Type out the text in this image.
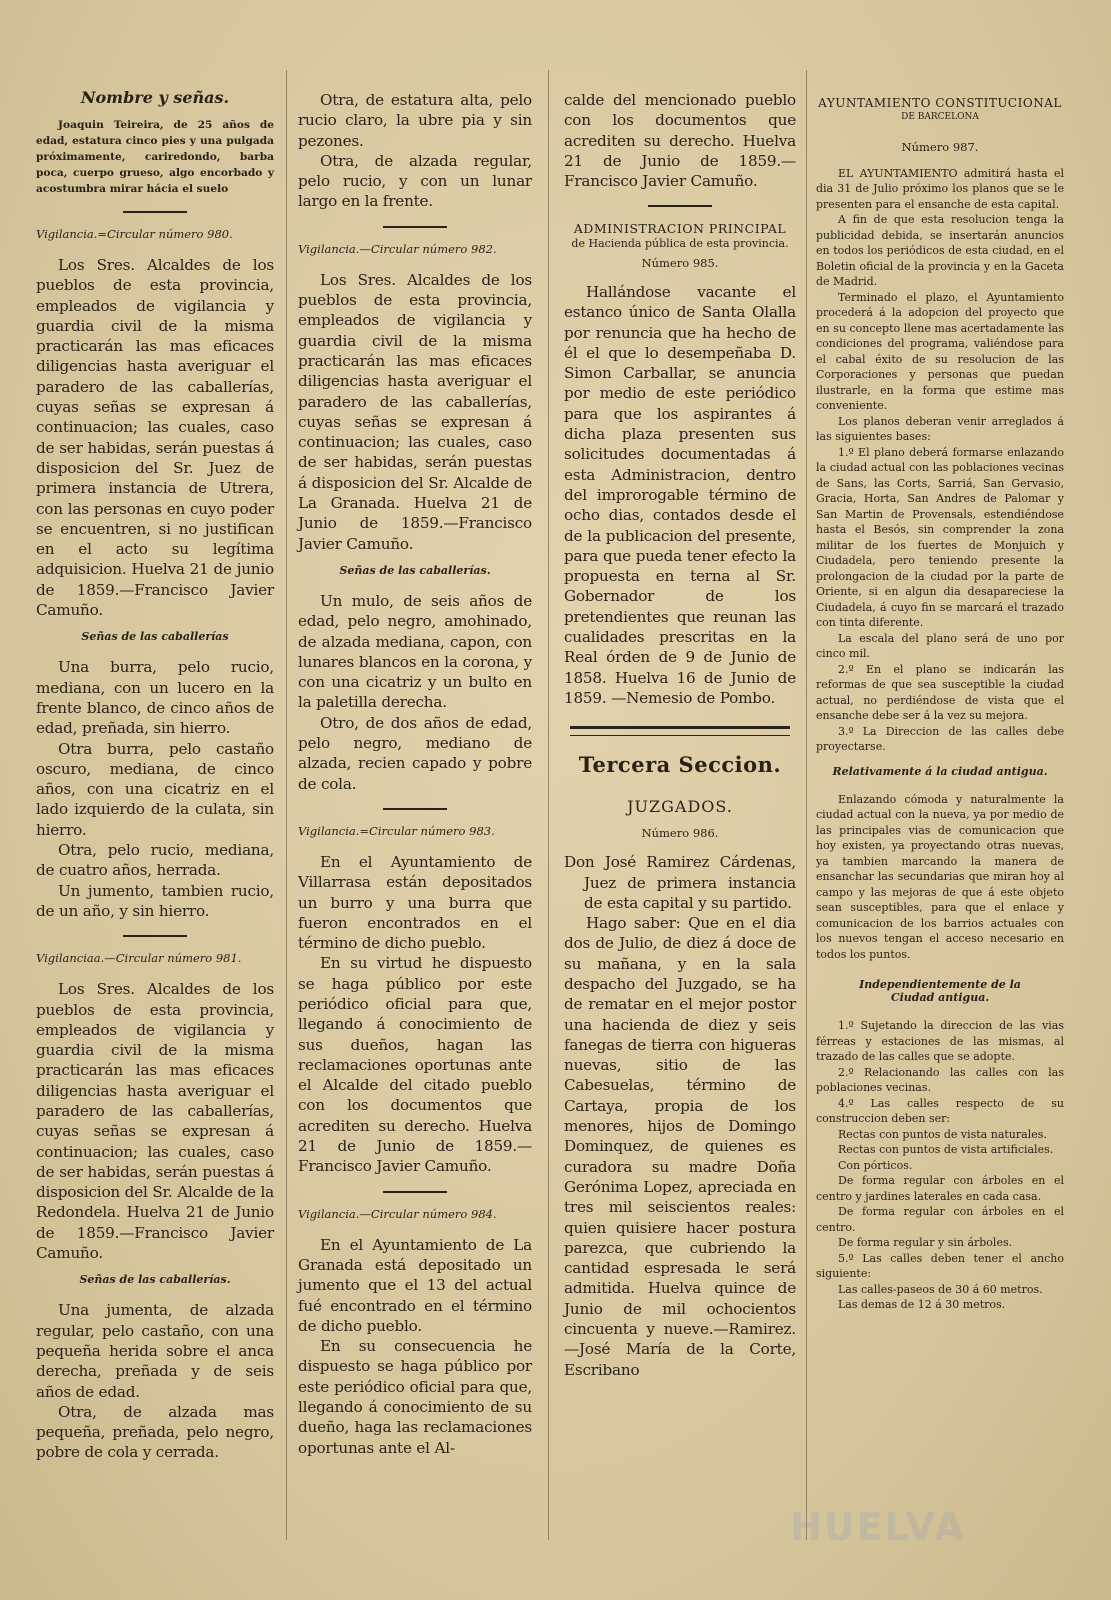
Nombre y señas.

Joaquin Teireira, de 25 años de edad, estatura cinco pies y una pulgada próximamente, cariredondo, barba poca, cuerpo grueso, algo encorbado y acostumbra mirar hácia el suelo

Vigilancia.=Circular número 980.

Los Sres. Alcaldes de los pueblos de esta provincia, empleados de vigilancia y guardia civil de la misma practicarán las mas eficaces diligencias hasta averiguar el paradero de las caballerías, cuyas señas se expresan á continuacion; las cuales, caso de ser habidas, serán puestas á disposicion del Sr. Juez de primera instancia de Utrera, con las personas en cuyo poder se encuentren, si no justifican en el acto su legítima adquisicion. Huelva 21 de junio de 1859.—Francisco Javier Camuño.

Señas de las caballerías

Una burra, pelo rucio, mediana, con un lucero en la frente blanco, de cinco años de edad, preñada, sin hierro.

Otra burra, pelo castaño oscuro, mediana, de cinco años, con una cicatriz en el lado izquierdo de la culata, sin hierro.

Otra, pelo rucio, mediana, de cuatro años, herrada.

Un jumento, tambien rucio, de un año, y sin hierro.

Vigilanciaa.—Circular número 981.

Los Sres. Alcaldes de los pueblos de esta provincia, empleados de vigilancia y guardia civil de la misma practicarán las mas eficaces diligencias hasta averiguar el paradero de las caballerías, cuyas señas se expresan á continuacion; las cuales, caso de ser habidas, serán puestas á disposicion del Sr. Alcalde de la Redondela. Huelva 21 de Junio de 1859.—Francisco Javier Camuño.

Señas de las caballerías.

Una jumenta, de alzada regular, pelo castaño, con una pequeña herida sobre el anca derecha, preñada y de seis años de edad.

Otra, de alzada mas pequeña, preñada, pelo negro, pobre de cola y cerrada.

Otra, de estatura alta, pelo rucio claro, la ubre pia y sin pezones.

Otra, de alzada regular, pelo rucio, y con un lunar largo en la frente.

Vigilancia.—Circular número 982.

Los Sres. Alcaldes de los pueblos de esta provincia, empleados de vigilancia y guardia civil de la misma practicarán las mas eficaces diligencias hasta averiguar el paradero de las caballerías, cuyas señas se expresan á continuacion; las cuales, caso de ser habidas, serán puestas á disposicion del Sr. Alcalde de La Granada. Huelva 21 de Junio de 1859.—Francisco Javier Camuño.

Señas de las caballerías.

Un mulo, de seis años de edad, pelo negro, amohinado, de alzada mediana, capon, con lunares blancos en la corona, y con una cicatriz y un bulto en la paletilla derecha.

Otro, de dos años de edad, pelo negro, mediano de alzada, recien capado y pobre de cola.

Vigilancia.=Circular número 983.

En el Ayuntamiento de Villarrasa están depositados un burro y una burra que fueron encontrados en el término de dicho pueblo.

En su virtud he dispuesto se haga público por este periódico oficial para que, llegando á conocimiento de sus dueños, hagan las reclamaciones oportunas ante el Alcalde del citado pueblo con los documentos que acrediten su derecho. Huelva 21 de Junio de 1859.—Francisco Javier Camuño.

Vigilancia.—Circular número 984.

En el Ayuntamiento de La Granada está depositado un jumento que el 13 del actual fué encontrado en el término de dicho pueblo.

En su consecuencia he dispuesto se haga público por este periódico oficial para que, llegando á conocimiento de su dueño, haga las reclamaciones oportunas ante el Al-

calde del mencionado pueblo con los documentos que acrediten su derecho. Huelva 21 de Junio de 1859.—Francisco Javier Camuño.

ADMINISTRACION PRINCIPAL
de Hacienda pública de esta provincia.
Número 985.

Hallándose vacante el estanco único de Santa Olalla por renuncia que ha hecho de él el que lo desempeñaba D. Simon Carballar, se anuncia por medio de este periódico para que los aspirantes á dicha plaza presenten sus solicitudes documentadas á esta Administracion, dentro del improrogable término de ocho dias, contados desde el de la publicacion del presente, para que pueda tener efecto la propuesta en terna al Sr. Gobernador de los pretendientes que reunan las cualidades prescritas en la Real órden de 9 de Junio de 1858. Huelva 16 de Junio de 1859. —Nemesio de Pombo.

Tercera Seccion.
JUZGADOS.
Número 986.

Don José Ramirez Cárdenas, Juez de primera instancia de esta capital y su partido.

Hago saber: Que en el dia dos de Julio, de diez á doce de su mañana, y en la sala despacho del Juzgado, se ha de rematar en el mejor postor una hacienda de diez y seis fanegas de tierra con higueras nuevas, sitio de las Cabesuelas, término de Cartaya, propia de los menores, hijos de Domingo Dominquez, de quienes es curadora su madre Doña Gerónima Lopez, apreciada en tres mil seiscientos reales: quien quisiere hacer postura parezca, que cubriendo la cantidad espresada le será admitida. Huelva quince de Junio de mil ochocientos cincuenta y nueve.—Ramirez.—José María de la Corte, Escribano

AYUNTAMIENTO CONSTITUCIONAL
DE BARCELONA
Número 987.

EL AYUNTAMIENTO admitirá hasta el dia 31 de Julio próximo los planos que se le presenten para el ensanche de esta capital.

A fin de que esta resolucion tenga la publicidad debida, se insertarán anuncios en todos los periódicos de esta ciudad, en el Boletin oficial de la provincia y en la Gaceta de Madrid.

Terminado el plazo, el Ayuntamiento procederá á la adopcion del proyecto que en su concepto llene mas acertadamente las condiciones del programa, valiéndose para el cabal éxito de su resolucion de las Corporaciones y personas que puedan ilustrarle, en la forma que estime mas conveniente.

Los planos deberan venir arreglados á las siguientes bases:

1.º El plano deberá formarse enlazando la ciudad actual con las poblaciones vecinas de Sans, las Corts, Sarriá, San Gervasio, Gracia, Horta, San Andres de Palomar y San Martin de Provensals, estendiéndose hasta el Besós, sin comprender la zona militar de los fuertes de Monjuich y Ciudadela, pero teniendo presente la prolongacion de la ciudad por la parte de Oriente, si en algun dia desapareciese la Ciudadela, á cuyo fin se marcará el trazado con tinta diferente.

La escala del plano será de uno por cinco mil.

2.º En el plano se indicarán las reformas de que sea susceptible la ciudad actual, no perdiéndose de vista que el ensanche debe ser á la vez su mejora.

3.º La Direccion de las calles debe proyectarse.

Relativamente á la ciudad antigua.

Enlazando cómoda y naturalmente la ciudad actual con la nueva, ya por medio de las principales vias de comunicacion que hoy existen, ya proyectando otras nuevas, ya tambien marcando la manera de ensanchar las secundarias que miran hoy al campo y las mejoras de que á este objeto sean susceptibles, para que el enlace y comunicacion de los barrios actuales con los nuevos tengan el acceso necesario en todos los puntos.

Independientemente de la Ciudad antigua.

1.º Sujetando la direccion de las vias férreas y estaciones de las mismas, al trazado de las calles que se adopte.

2.º Relacionando las calles con las poblaciones vecinas.

4.º Las calles respecto de su construccion deben ser:

Rectas con puntos de vista naturales.

Rectas con puntos de vista artificiales.

Con pórticos.

De forma regular con árboles en el centro y jardines laterales en cada casa.

De forma regular con árboles en el centro.

De forma regular y sin árboles.

5.º Las calles deben tener el ancho siguiente:

Las calles-paseos de 30 á 60 metros.

Las demas de 12 á 30 metros.

HUELVA
